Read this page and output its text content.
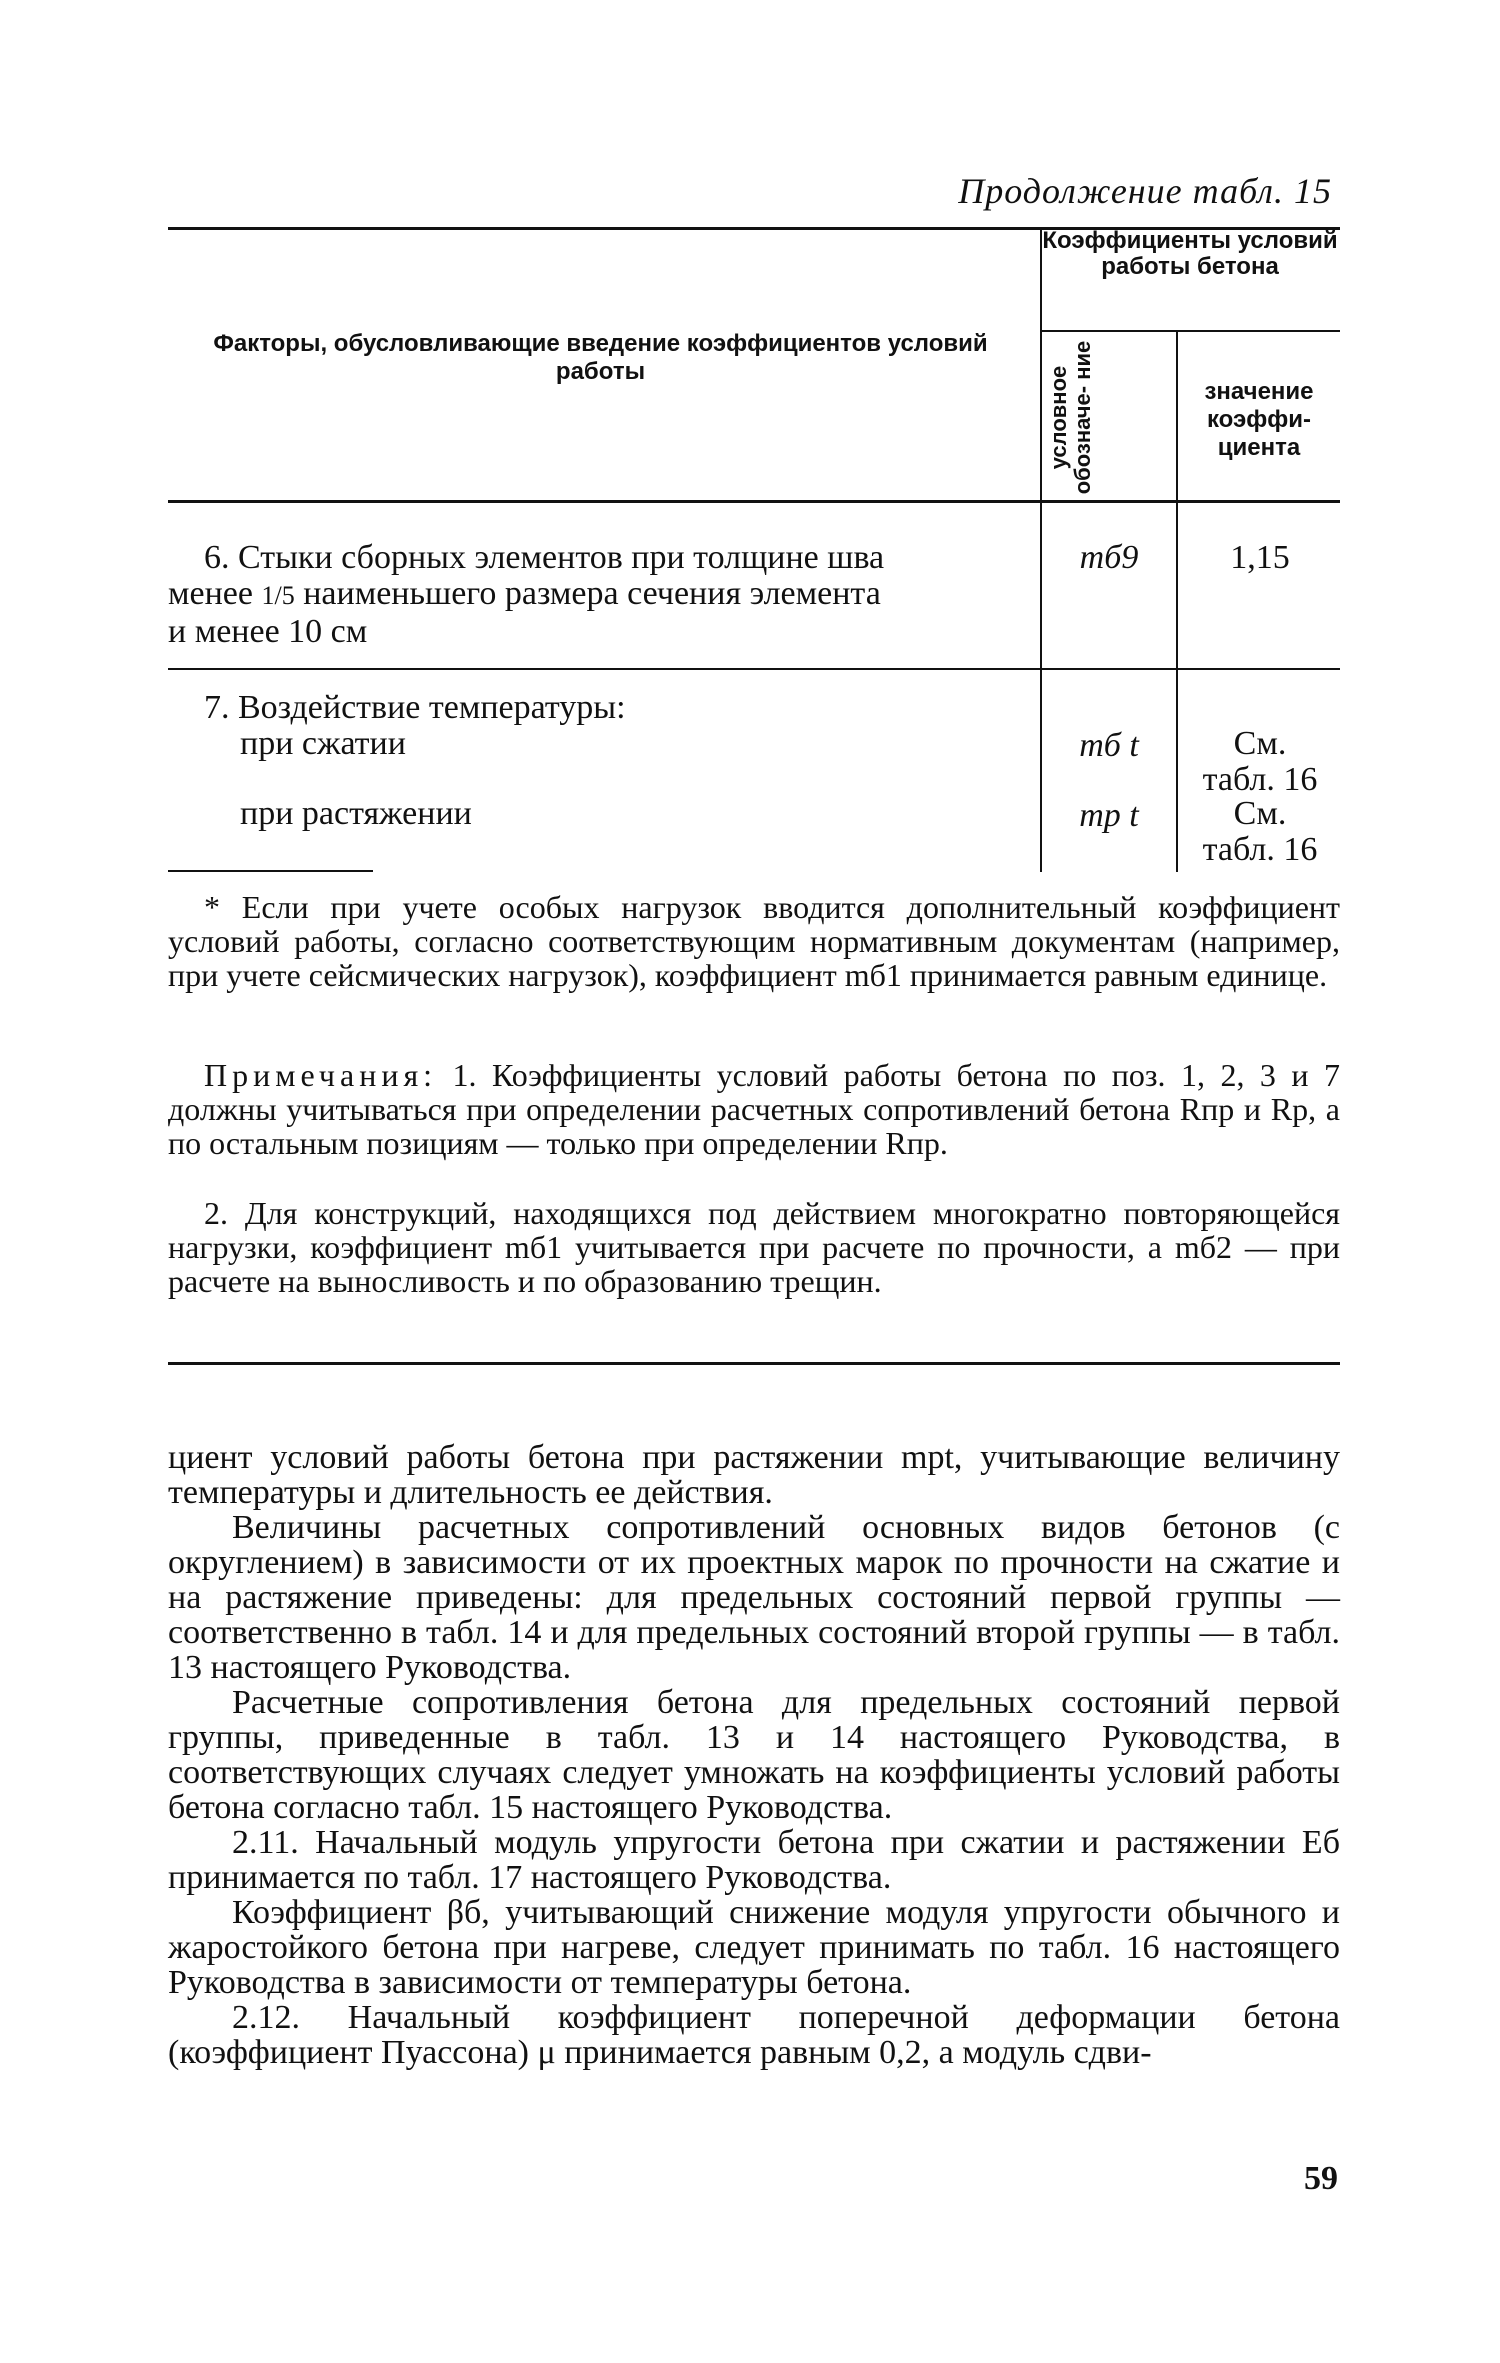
Продолжение табл. 15
Факторы, обусловливающие введение коэффициентов условий работы
Коэффициенты условий работы бетона
условное обозначе- ние	значение коэффи- циента
6. Стыки сборных элементов при толщине шва
менее 1/5 наименьшего размера сечения элемента
и менее 10 см
mб9	1,15
7. Воздействие температуры:
при сжатии
при растяжении
mб t
mр t
См.
табл. 16
См.
табл. 16
* Если при учете особых нагрузок вводится дополнительный коэффициент условий работы, согласно соответствующим нормативным документам (например, при учете сейсмических нагрузок), коэффициент mб1 принимается равным единице.
Примечания: 1. Коэффициенты условий работы бетона по поз. 1, 2, 3 и 7 должны учитываться при определении расчетных сопротивлений бетона Rпр и Rр, а по остальным позициям — только при определении Rпр.
2. Для конструкций, находящихся под действием многократно повторяющейся нагрузки, коэффициент mб1 учитывается при расчете по прочности, а mб2 — при расчете на выносливость и по образованию трещин.

циент условий работы бетона при растяжении mрt, учитывающие величину температуры и длительность ее действия.

Величины расчетных сопротивлений основных видов бетонов (с округлением) в зависимости от их проектных марок по прочности на сжатие и на растяжение приведены: для предельных состояний первой группы — соответственно в табл. 14 и для предельных состояний второй группы — в табл. 13 настоящего Руководства.

Расчетные сопротивления бетона для предельных состояний первой группы, приведенные в табл. 13 и 14 настоящего Руководства, в соответствующих случаях следует умножать на коэффициенты условий работы бетона согласно табл. 15 настоящего Руководства.

2.11. Начальный модуль упругости бетона при сжатии и растяжении Eб принимается по табл. 17 настоящего Руководства.

Коэффициент βб, учитывающий снижение модуля упругости обычного и жаростойкого бетона при нагреве, следует принимать по табл. 16 настоящего Руководства в зависимости от температуры бетона.

2.12. Начальный коэффициент поперечной деформации бетона (коэффициент Пуассона) μ принимается равным 0,2, а модуль сдви-

59
